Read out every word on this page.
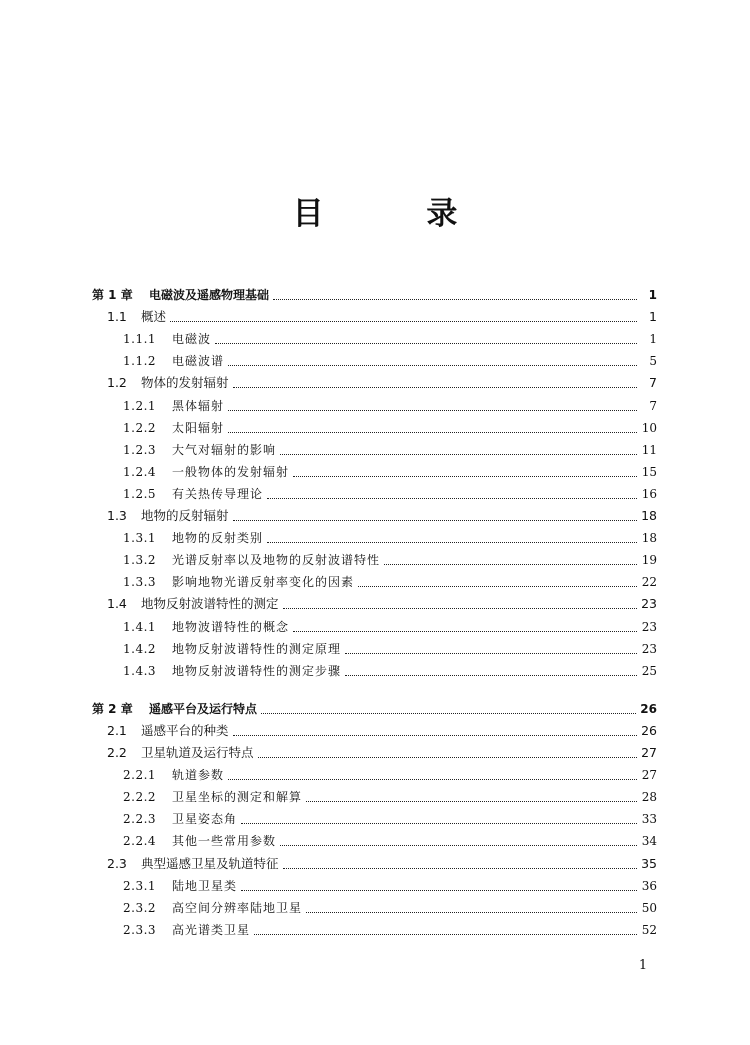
目 录
第 1 章	电磁波及遥感物理基础	1
1.1	概述	1
1.1.1	电磁波	1
1.1.2	电磁波谱	5
1.2	物体的发射辐射	7
1.2.1	黑体辐射	7
1.2.2	太阳辐射	10
1.2.3	大气对辐射的影响	11
1.2.4	一般物体的发射辐射	15
1.2.5	有关热传导理论	16
1.3	地物的反射辐射	18
1.3.1	地物的反射类别	18
1.3.2	光谱反射率以及地物的反射波谱特性	19
1.3.3	影响地物光谱反射率变化的因素	22
1.4	地物反射波谱特性的测定	23
1.4.1	地物波谱特性的概念	23
1.4.2	地物反射波谱特性的测定原理	23
1.4.3	地物反射波谱特性的测定步骤	25
第 2 章	遥感平台及运行特点	26
2.1	遥感平台的种类	26
2.2	卫星轨道及运行特点	27
2.2.1	轨道参数	27
2.2.2	卫星坐标的测定和解算	28
2.2.3	卫星姿态角	33
2.2.4	其他一些常用参数	34
2.3	典型遥感卫星及轨道特征	35
2.3.1	陆地卫星类	36
2.3.2	高空间分辨率陆地卫星	50
2.3.3	高光谱类卫星	52
1
